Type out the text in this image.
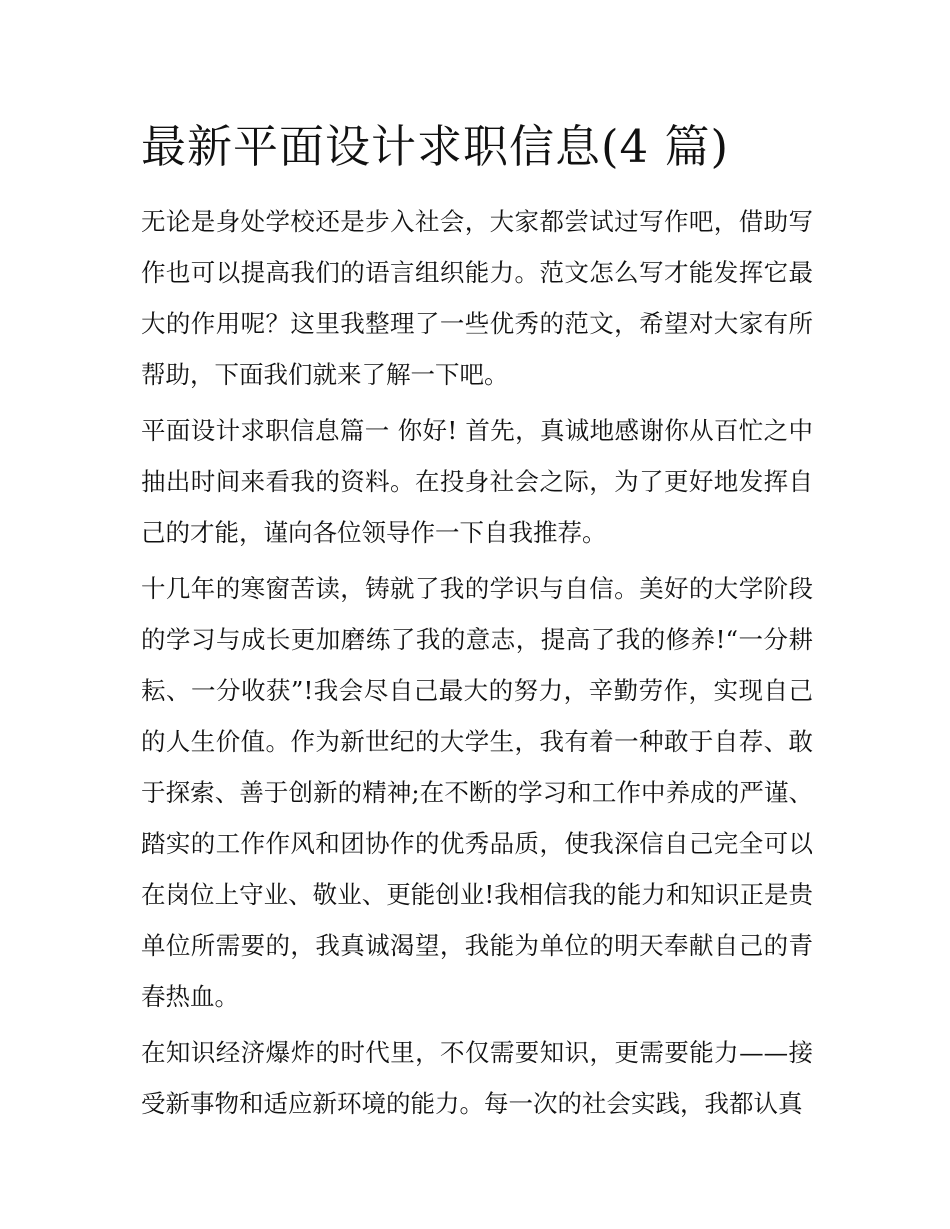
最新平面设计求职信息(4 篇)

无论是身处学校还是步入社会，大家都尝试过写作吧，借助写作也可以提高我们的语言组织能力。范文怎么写才能发挥它最大的作用呢？这里我整理了一些优秀的范文，希望对大家有所帮助，下面我们就来了解一下吧。

平面设计求职信息篇一 你好! 首先，真诚地感谢你从百忙之中抽出时间来看我的资料。在投身社会之际，为了更好地发挥自己的才能，谨向各位领导作一下自我推荐。

十几年的寒窗苦读，铸就了我的学识与自信。美好的大学阶段的学习与成长更加磨练了我的意志，提高了我的修养!“一分耕耘、一分收获”!我会尽自己最大的努力，辛勤劳作，实现自己的人生价值。作为新世纪的大学生，我有着一种敢于自荐、敢于探索、善于创新的精神;在不断的学习和工作中养成的严谨、踏实的工作作风和团协作的优秀品质，使我深信自己完全可以在岗位上守业、敬业、更能创业!我相信我的能力和知识正是贵单位所需要的，我真诚渴望，我能为单位的明天奉献自己的青春热血。

在知识经济爆炸的时代里，不仅需要知识，更需要能力——接受新事物和适应新环境的能力。每一次的社会实践，我都认真
